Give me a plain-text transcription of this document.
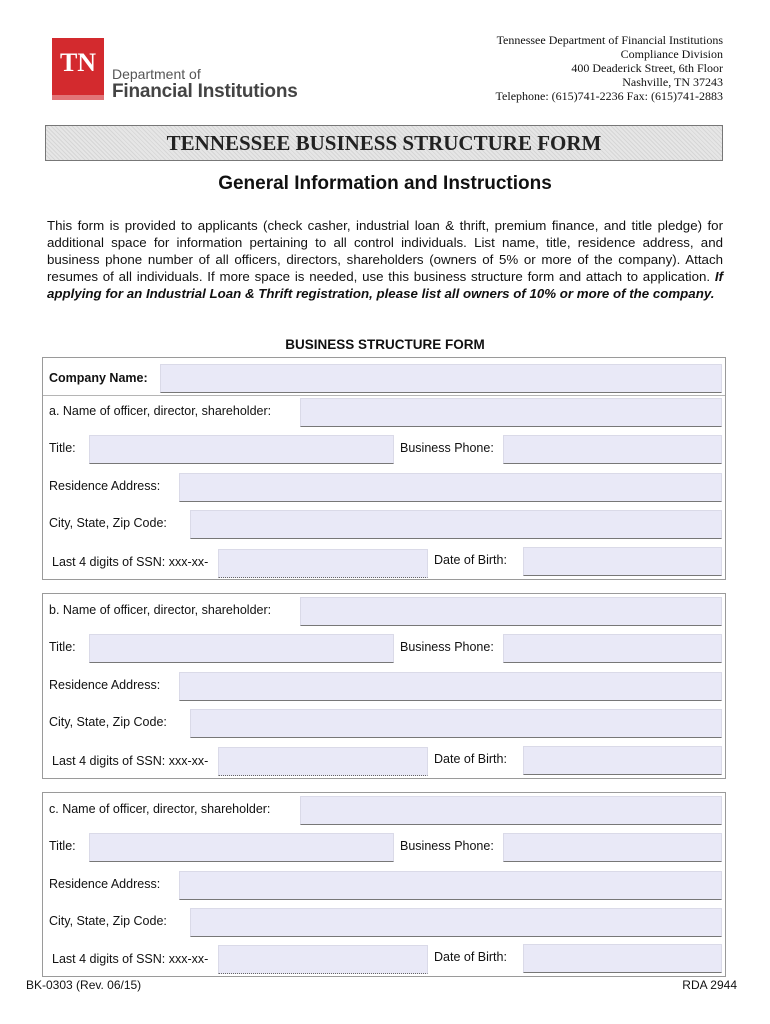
TN	Department of
Financial Institutions
Tennessee Department of Financial Institutions
Compliance Division
400 Deaderick Street, 6th Floor
Nashville, TN 37243
Telephone: (615)741-2236 Fax: (615)741-2883
TENNESSEE BUSINESS STRUCTURE FORM
General Information and Instructions

This form is provided to applicants (check casher, industrial loan & thrift, premium finance, and title pledge) for additional space for information pertaining to all control individuals. List name, title, residence address, and business phone number of all officers, directors, shareholders (owners of 5% or more of the company). Attach resumes of all individuals. If more space is needed, use this business structure form and attach to application. If applying for an Industrial Loan & Thrift registration, please list all owners of 10% or more of the company.

BUSINESS STRUCTURE FORM
Company Name:
a. Name of officer, director, shareholder:
Title:	Business Phone:
Residence Address:
City, State, Zip Code:
Last 4 digits of SSN: xxx-xx-	Date of Birth:
b. Name of officer, director, shareholder:
Title:	Business Phone:
Residence Address:
City, State, Zip Code:
Last 4 digits of SSN: xxx-xx-	Date of Birth:
c. Name of officer, director, shareholder:
Title:	Business Phone:
Residence Address:
City, State, Zip Code:
Last 4 digits of SSN: xxx-xx-	Date of Birth:
BK-0303 (Rev. 06/15)	RDA 2944
